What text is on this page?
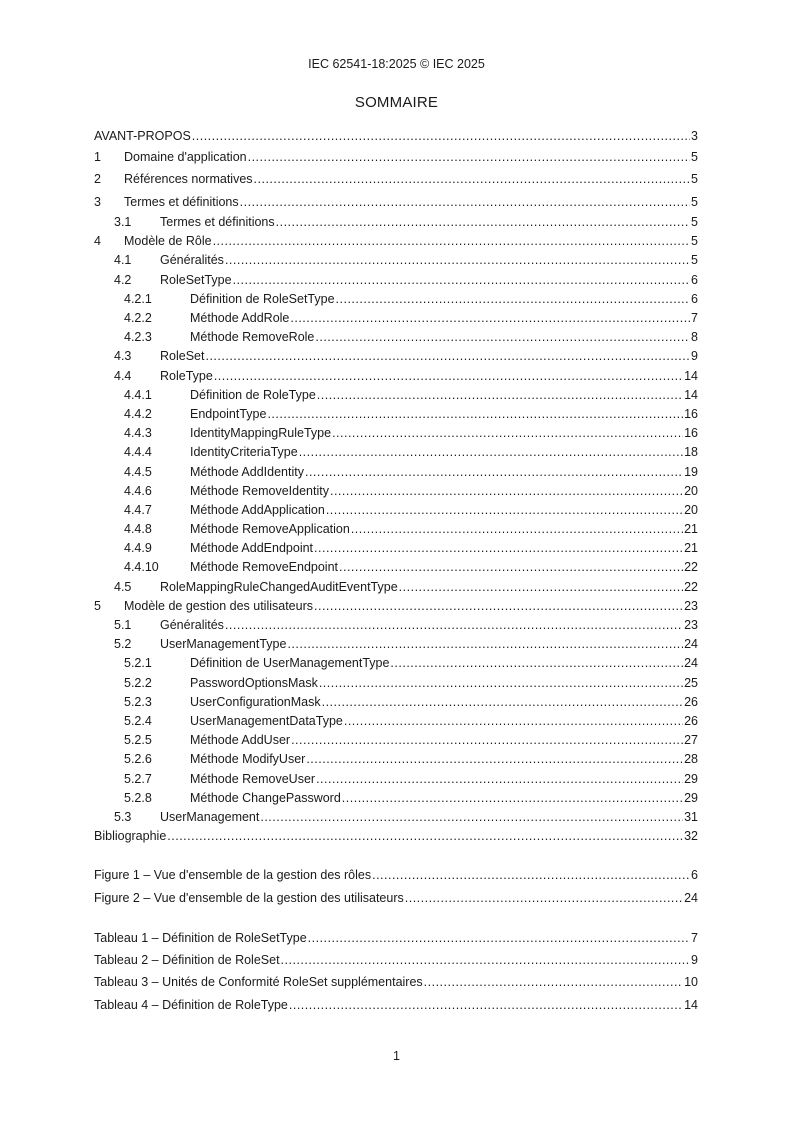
IEC 62541-18:2025 © IEC 2025
SOMMAIRE
AVANT-PROPOS .....	3
1	Domaine d'application .....	5
2	Références normatives .....	5
3	Termes et définitions .....	5
3.1	Termes et définitions .....	5
4	Modèle de Rôle .....	5
4.1	Généralités .....	5
4.2	RoleSetType .....	6
4.2.1	Définition de RoleSetType .....	6
4.2.2	Méthode AddRole .....	7
4.2.3	Méthode RemoveRole .....	8
4.3	RoleSet .....	9
4.4	RoleType .....	14
4.4.1	Définition de RoleType .....	14
4.4.2	EndpointType .....	16
4.4.3	IdentityMappingRuleType .....	16
4.4.4	IdentityCriteriaType .....	18
4.4.5	Méthode AddIdentity .....	19
4.4.6	Méthode RemoveIdentity .....	20
4.4.7	Méthode AddApplication .....	20
4.4.8	Méthode RemoveApplication .....	21
4.4.9	Méthode AddEndpoint .....	21
4.4.10	Méthode RemoveEndpoint .....	22
4.5	RoleMappingRuleChangedAuditEventType .....	22
5	Modèle de gestion des utilisateurs .....	23
5.1	Généralités .....	23
5.2	UserManagementType .....	24
5.2.1	Définition de UserManagementType .....	24
5.2.2	PasswordOptionsMask .....	25
5.2.3	UserConfigurationMask .....	26
5.2.4	UserManagementDataType .....	26
5.2.5	Méthode AddUser .....	27
5.2.6	Méthode ModifyUser .....	28
5.2.7	Méthode RemoveUser .....	29
5.2.8	Méthode ChangePassword .....	29
5.3	UserManagement .....	31
Bibliographie .....	32
Figure 1 – Vue d'ensemble de la gestion des rôles .....	6
Figure 2 – Vue d'ensemble de la gestion des utilisateurs .....	24
Tableau 1 – Définition de RoleSetType .....	7
Tableau 2 – Définition de RoleSet .....	9
Tableau 3 – Unités de Conformité RoleSet supplémentaires .....	10
Tableau 4 – Définition de RoleType .....	14
1
